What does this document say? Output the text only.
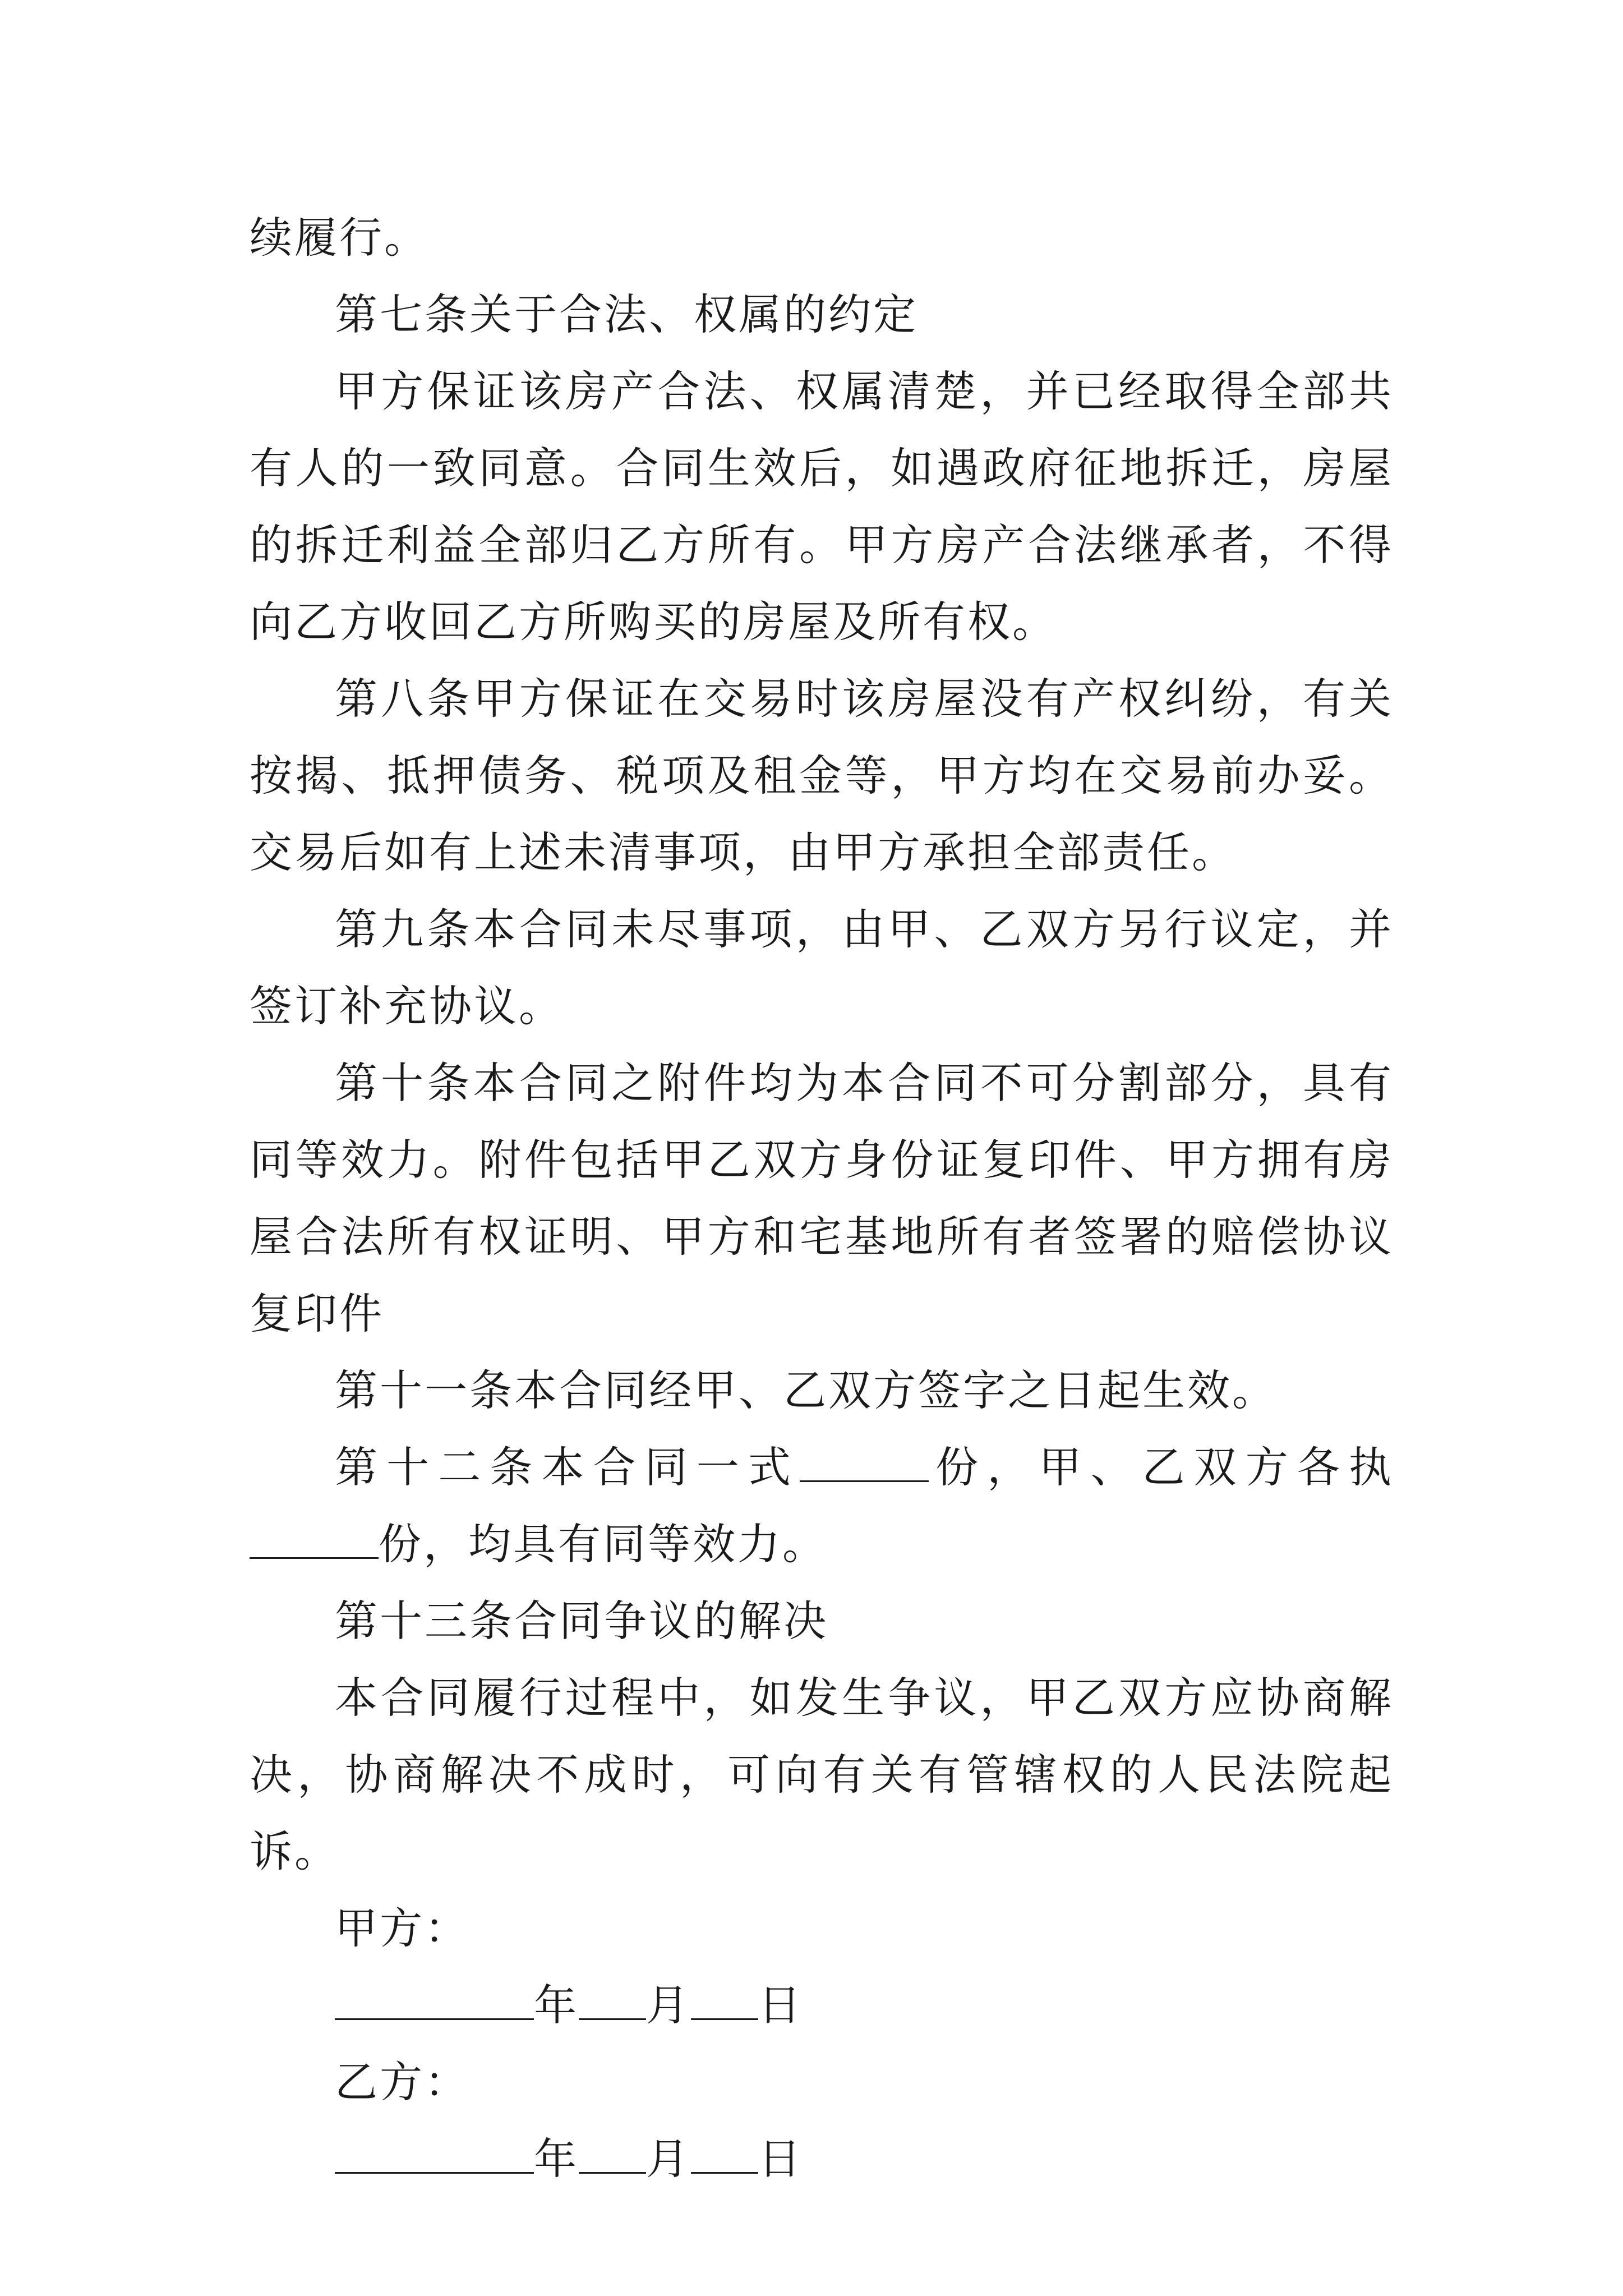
续履行。

第七条关于合法、权属的约定

甲方保证该房产合法、权属清楚，并已经取得全部共有人的一致同意。合同生效后，如遇政府征地拆迁，房屋的拆迁利益全部归乙方所有。甲方房产合法继承者，不得向乙方收回乙方所购买的房屋及所有权。

第八条甲方保证在交易时该房屋没有产权纠纷，有关按揭、抵押债务、税项及租金等，甲方均在交易前办妥。交易后如有上述未清事项，由甲方承担全部责任。

第九条本合同未尽事项，由甲、乙双方另行议定，并签订补充协议。

第十条本合同之附件均为本合同不可分割部分，具有同等效力。附件包括甲乙双方身份证复印件、甲方拥有房屋合法所有权证明、甲方和宅基地所有者签署的赔偿协议复印件

第十一条本合同经甲、乙双方签字之日起生效。

第十二条本合同一式	份，甲、乙双方各执份，均具有同等效力。

第十三条合同争议的解决

本合同履行过程中，如发生争议，甲乙双方应协商解决，协商解决不成时，可向有关有管辖权的人民法院起诉。

甲方：

年 月 日

乙方：

年 月 日
